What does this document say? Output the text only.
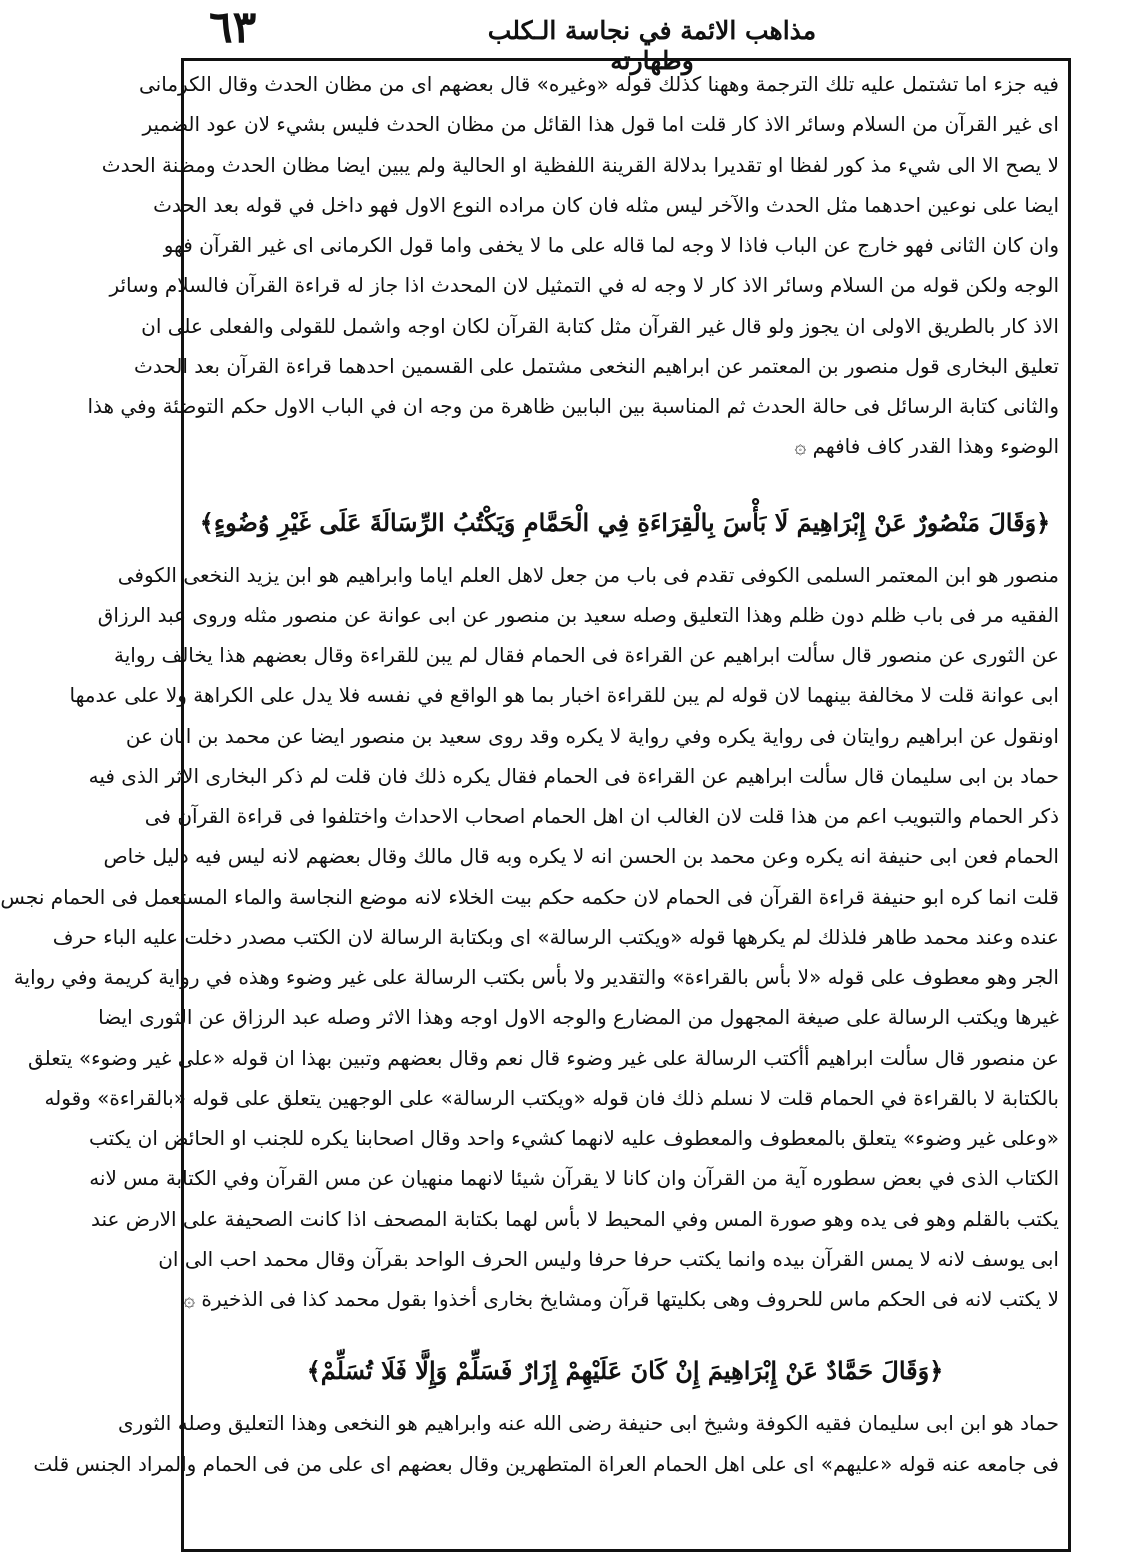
٦٣	مذاهب الائمة في نجاسة الـكلب وطهارته
فيه جزء اما تشتمل عليه تلك الترجمة وههنا كذلك قوله «وغيره» قال بعضهم اى من مظان الحدث وقال الكرمانى
اى غير القرآن من السلام وسائر الاذ كار قلت اما قول هذا القائل من مظان الحدث فليس بشيء لان عود الضمير
لا يصح الا الى شيء مذ كور لفظا او تقديرا بدلالة القرينة اللفظية او الحالية ولم يبين ايضا مظان الحدث ومظنة الحدث
ايضا على نوعين احدهما مثل الحدث والآخر ليس مثله فان كان مراده النوع الاول فهو داخل في قوله بعد الحدث
وان كان الثانى فهو خارج عن الباب فاذا لا وجه لما قاله على ما لا يخفى واما قول الكرمانى اى غير القرآن فهو
الوجه ولكن قوله من السلام وسائر الاذ كار لا وجه له في التمثيل لان المحدث اذا جاز له قراءة القرآن فالسلام وسائر
الاذ كار بالطريق الاولى ان يجوز ولو قال غير القرآن مثل كتابة القرآن لكان اوجه واشمل للقولى والفعلى على ان
تعليق البخارى قول منصور بن المعتمر عن ابراهيم النخعى مشتمل على القسمين احدهما قراءة القرآن بعد الحدث
والثانى كتابة الرسائل فى حالة الحدث ثم المناسبة بين البابين ظاهرة من وجه ان في الباب الاول حكم التوضئة وفي هذا
الوضوء وهذا القدر كاف فافهم ۞
﴿وَقَالَ مَنْصُورٌ عَنْ إِبْرَاهِيمَ لَا بَأْسَ بِالْقِرَاءَةِ فِي الْحَمَّامِ وَيَكْتُبُ الرِّسَالَةَ عَلَى غَيْرِ وُضُوءٍ﴾
منصور هو ابن المعتمر السلمى الكوفى تقدم فى باب من جعل لاهل العلم اياما وابراهيم هو ابن يزيد النخعى الكوفى
الفقيه مر فى باب ظلم دون ظلم وهذا التعليق وصله سعيد بن منصور عن ابى عوانة عن منصور مثله وروى عبد الرزاق
عن الثورى عن منصور قال سألت ابراهيم عن القراءة فى الحمام فقال لم يبن للقراءة وقال بعضهم هذا يخالف رواية
ابى عوانة قلت لا مخالفة بينهما لان قوله لم يبن للقراءة اخبار بما هو الواقع في نفسه فلا يدل على الكراهة ولا على عدمها
اونقول عن ابراهيم روايتان فى رواية يكره وفي رواية لا يكره وقد روى سعيد بن منصور ايضا عن محمد بن ابان عن
حماد بن ابى سليمان قال سألت ابراهيم عن القراءة فى الحمام فقال يكره ذلك فان قلت لم ذكر البخارى الاثر الذى فيه
ذكر الحمام والتبويب اعم من هذا قلت لان الغالب ان اهل الحمام اصحاب الاحداث واختلفوا فى قراءة القرآن فى
الحمام فعن ابى حنيفة انه يكره وعن محمد بن الحسن انه لا يكره وبه قال مالك وقال بعضهم لانه ليس فيه دليل خاص
قلت انما كره ابو حنيفة قراءة القرآن فى الحمام لان حكمه حكم بيت الخلاء لانه موضع النجاسة والماء المستعمل فى الحمام نجس
عنده وعند محمد طاهر فلذلك لم يكرهها قوله «ويكتب الرسالة» اى وبكتابة الرسالة لان الكتب مصدر دخلت عليه الباء حرف
الجر وهو معطوف على قوله «لا بأس بالقراءة» والتقدير ولا بأس بكتب الرسالة على غير وضوء وهذه في رواية كريمة وفي رواية
غيرها ويكتب الرسالة على صيغة المجهول من المضارع والوجه الاول اوجه وهذا الاثر وصله عبد الرزاق عن الثورى ايضا
عن منصور قال سألت ابراهيم أأكتب الرسالة على غير وضوء قال نعم وقال بعضهم وتبين بهذا ان قوله «على غير وضوء» يتعلق
بالكتابة لا بالقراءة في الحمام قلت لا نسلم ذلك فان قوله «ويكتب الرسالة» على الوجهين يتعلق على قوله «بالقراءة» وقوله
«وعلى غير وضوء» يتعلق بالمعطوف والمعطوف عليه لانهما كشيء واحد وقال اصحابنا يكره للجنب او الحائض ان يكتب
الكتاب الذى في بعض سطوره آية من القرآن وان كانا لا يقرآن شيئا لانهما منهيان عن مس القرآن وفي الكتابة مس لانه
يكتب بالقلم وهو فى يده وهو صورة المس وفي المحيط لا بأس لهما بكتابة المصحف اذا كانت الصحيفة على الارض عند
ابى يوسف لانه لا يمس القرآن بيده وانما يكتب حرفا حرفا وليس الحرف الواحد بقرآن وقال محمد احب الى ان
لا يكتب لانه فى الحكم ماس للحروف وهى بكليتها قرآن ومشايخ بخارى أخذوا بقول محمد كذا فى الذخيرة ۞
﴿وَقَالَ حَمَّادٌ عَنْ إِبْرَاهِيمَ إِنْ كَانَ عَلَيْهِمْ إِزَارٌ فَسَلِّمْ وَإِلَّا فَلَا تُسَلِّمْ﴾
حماد هو ابن ابى سليمان فقيه الكوفة وشيخ ابى حنيفة رضى الله عنه وابراهيم هو النخعى وهذا التعليق وصله الثورى
فى جامعه عنه قوله «عليهم» اى على اهل الحمام العراة المتطهرين وقال بعضهم اى على من فى الحمام والمراد الجنس قلت
